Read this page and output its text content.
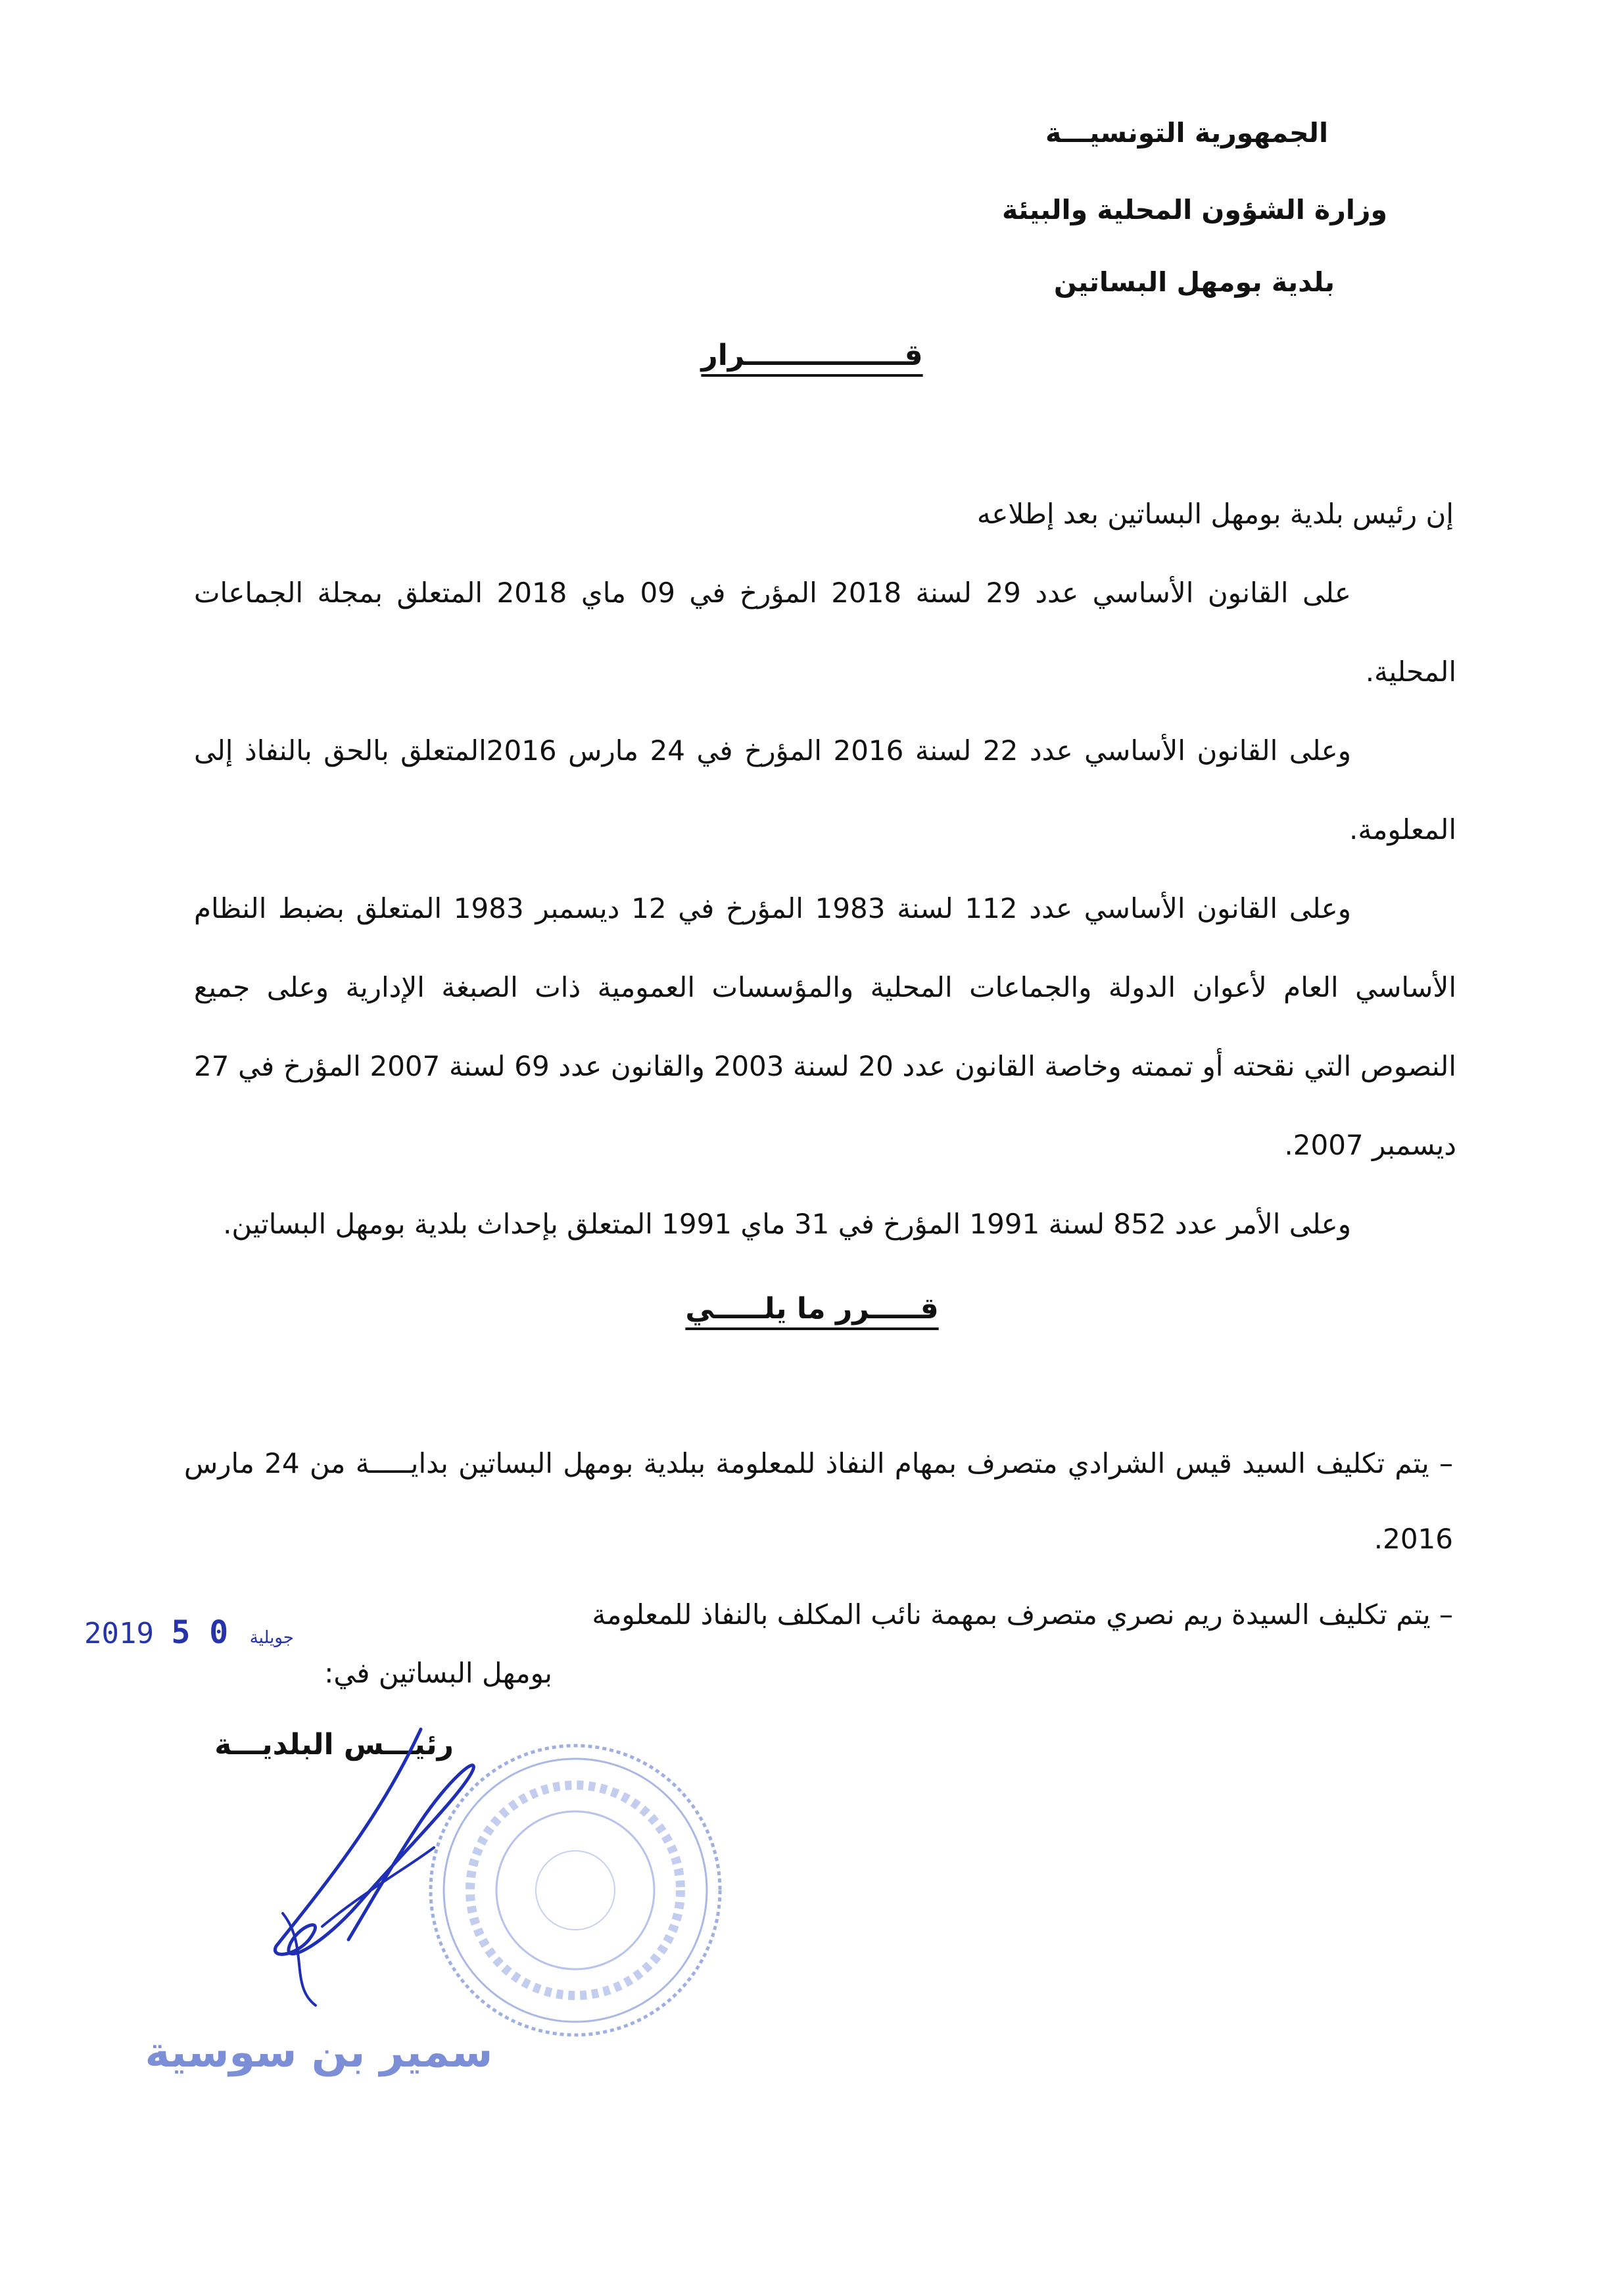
الجمهورية التونسيـــة
وزارة الشؤون المحلية والبيئة
بلدية بومهل البساتين
قــــــــــــــــرار

إن رئيس بلدية بومهل البساتين بعد إطلاعه

على القانون الأساسي عدد 29 لسنة 2018 المؤرخ في 09 ماي 2018 المتعلق بمجلة الجماعات المحلية.

وعلى القانون الأساسي عدد 22 لسنة 2016 المؤرخ في 24 مارس 2016المتعلق بالحق بالنفاذ إلى المعلومة.

وعلى القانون الأساسي عدد 112 لسنة 1983 المؤرخ في 12 ديسمبر 1983 المتعلق بضبط النظام الأساسي العام لأعوان الدولة والجماعات المحلية والمؤسسات العمومية ذات الصبغة الإدارية وعلى جميع النصوص التي نقحته أو تممته وخاصة القانون عدد 20 لسنة 2003 والقانون عدد 69 لسنة 2007 المؤرخ في 27 ديسمبر 2007.

وعلى الأمر عدد 852 لسنة 1991 المؤرخ في 31 ماي 1991 المتعلق بإحداث بلدية بومهل البساتين.

قـــــرر ما يلـــــي

– يتم تكليف السيد قيس الشرادي متصرف بمهام النفاذ للمعلومة ببلدية بومهل البساتين بدايـــــة من 24 مارس 2016.

– يتم تكليف السيدة ريم نصري متصرف بمهمة نائب المكلف بالنفاذ للمعلومة

2019	جويلية 0 5
بومهل البساتين في:
رئيـــس البلديـــة
سمير بن سوسية
